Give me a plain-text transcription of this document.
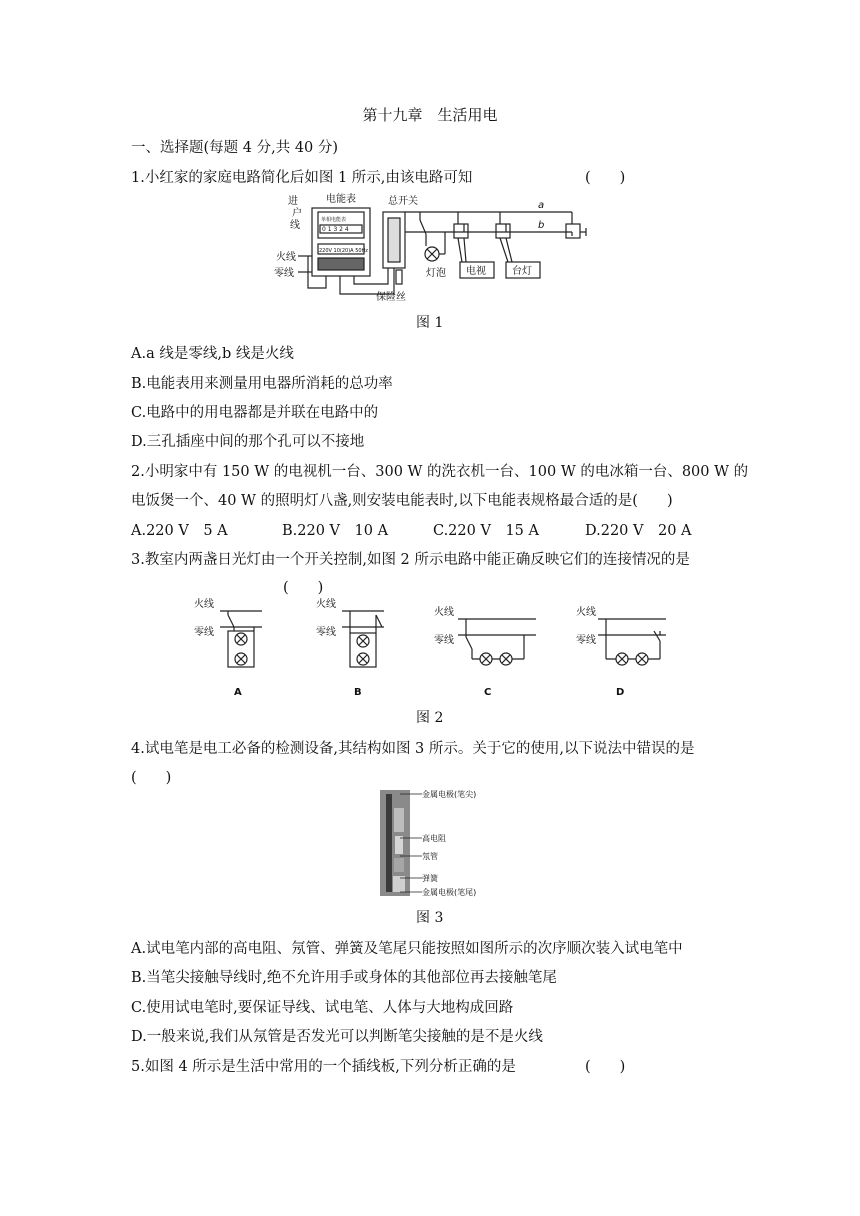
第十九章　生活用电
一、选择题(每题 4 分,共 40 分)
1.小红家的家庭电路简化后如图 1 所示,由该电路可知	(　　)
电能表
单相电能表
0 1 3 2 4
220V 10(20)A 50Hz
总开关
进
户
线
火线
零线
保险丝
灯泡 电视	台灯
a
b
图 1
A.a 线是零线,b 线是火线
B.电能表用来测量用电器所消耗的总功率
C.电路中的用电器都是并联在电路中的
D.三孔插座中间的那个孔可以不接地
2.小明家中有 150 W 的电视机一台、300 W 的洗衣机一台、100 W 的电冰箱一台、800 W 的
电饭煲一个、40 W 的照明灯八盏,则安装电能表时,以下电能表规格最合适的是(　　)
A.220 V　5 A	B.220 V　10 A	C.220 V　15 A	D.220 V　20 A
3.教室内两盏日光灯由一个开关控制,如图 2 所示电路中能正确反映它们的连接情况的是
(　　)
火线
零线
火线
零线
火线
零线
火线
零线
A	B	C	D
图 2
4.试电笔是电工必备的检测设备,其结构如图 3 所示。关于它的使用,以下说法中错误的是
(　　)
金属电极(笔尖)
高电阻
氖管
弹簧
金属电极(笔尾)
图 3
A.试电笔内部的高电阻、氖管、弹簧及笔尾只能按照如图所示的次序顺次装入试电笔中
B.当笔尖接触导线时,绝不允许用手或身体的其他部位再去接触笔尾
C.使用试电笔时,要保证导线、试电笔、人体与大地构成回路
D.一般来说,我们从氖管是否发光可以判断笔尖接触的是不是火线
5.如图 4 所示是生活中常用的一个插线板,下列分析正确的是	(　　)
